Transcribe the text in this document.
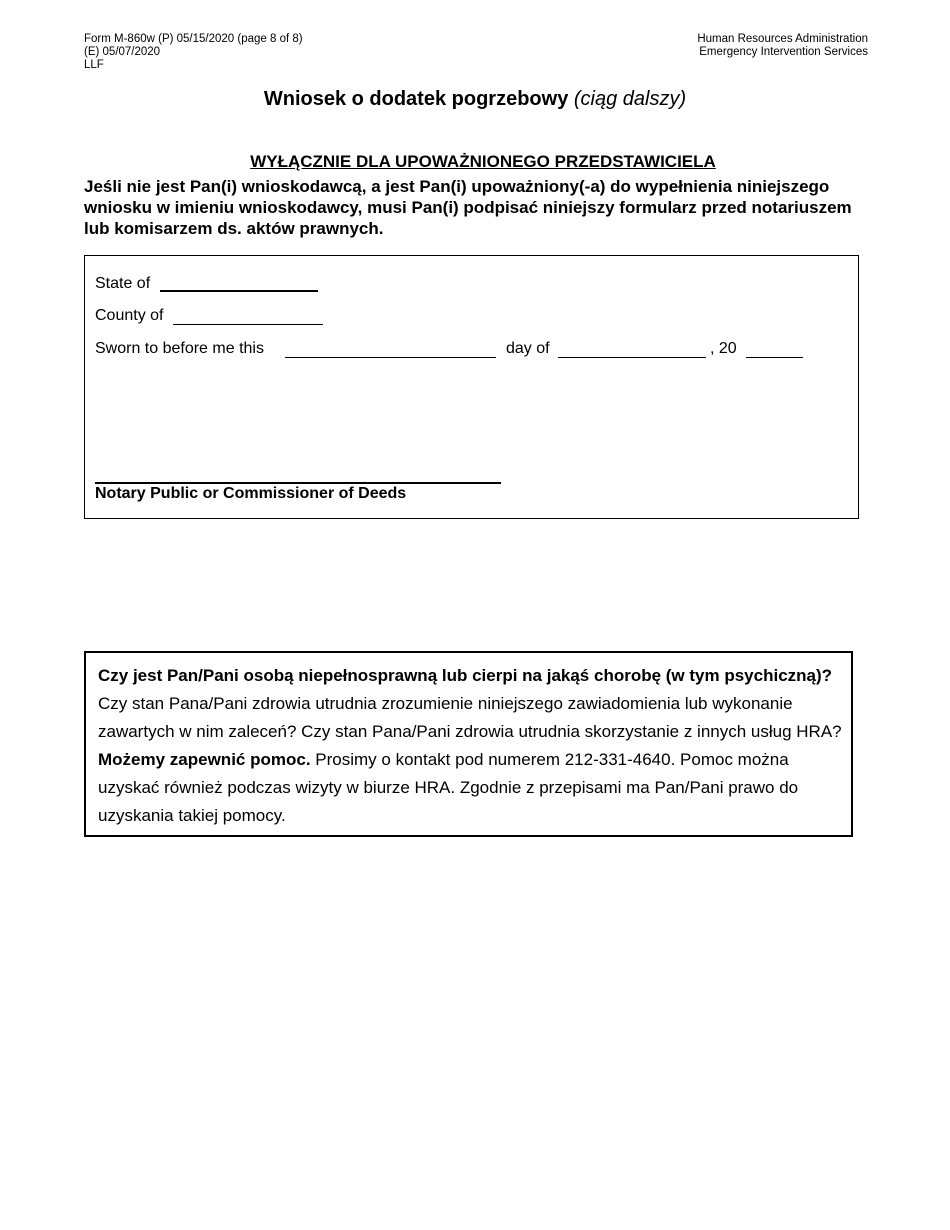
Form M-860w (P) 05/15/2020 (page 8 of 8)
(E) 05/07/2020
LLF
Human Resources Administration
Emergency Intervention Services
Wniosek o dodatek pogrzebowy (ciąg dalszy)
WYŁĄCZNIE DLA UPOWAŻNIONEGO PRZEDSTAWICIELA
Jeśli nie jest Pan(i) wnioskodawcą, a jest Pan(i) upoważniony(-a) do wypełnienia niniejszego wniosku w imieniu wnioskodawcy, musi Pan(i) podpisać niniejszy formularz przed notariuszem lub komisarzem ds. aktów prawnych.
State of
County of
Sworn to before me this	day of	, 20
Notary Public or Commissioner of Deeds
Czy jest Pan/Pani osobą niepełnosprawną lub cierpi na jakąś chorobę (w tym psychiczną)? Czy stan Pana/Pani zdrowia utrudnia zrozumienie niniejszego zawiadomienia lub wykonanie zawartych w nim zaleceń? Czy stan Pana/Pani zdrowia utrudnia skorzystanie z innych usług HRA? Możemy zapewnić pomoc. Prosimy o kontakt pod numerem 212-331-4640. Pomoc można uzyskać również podczas wizyty w biurze HRA. Zgodnie z przepisami ma Pan/Pani prawo do uzyskania takiej pomocy.
